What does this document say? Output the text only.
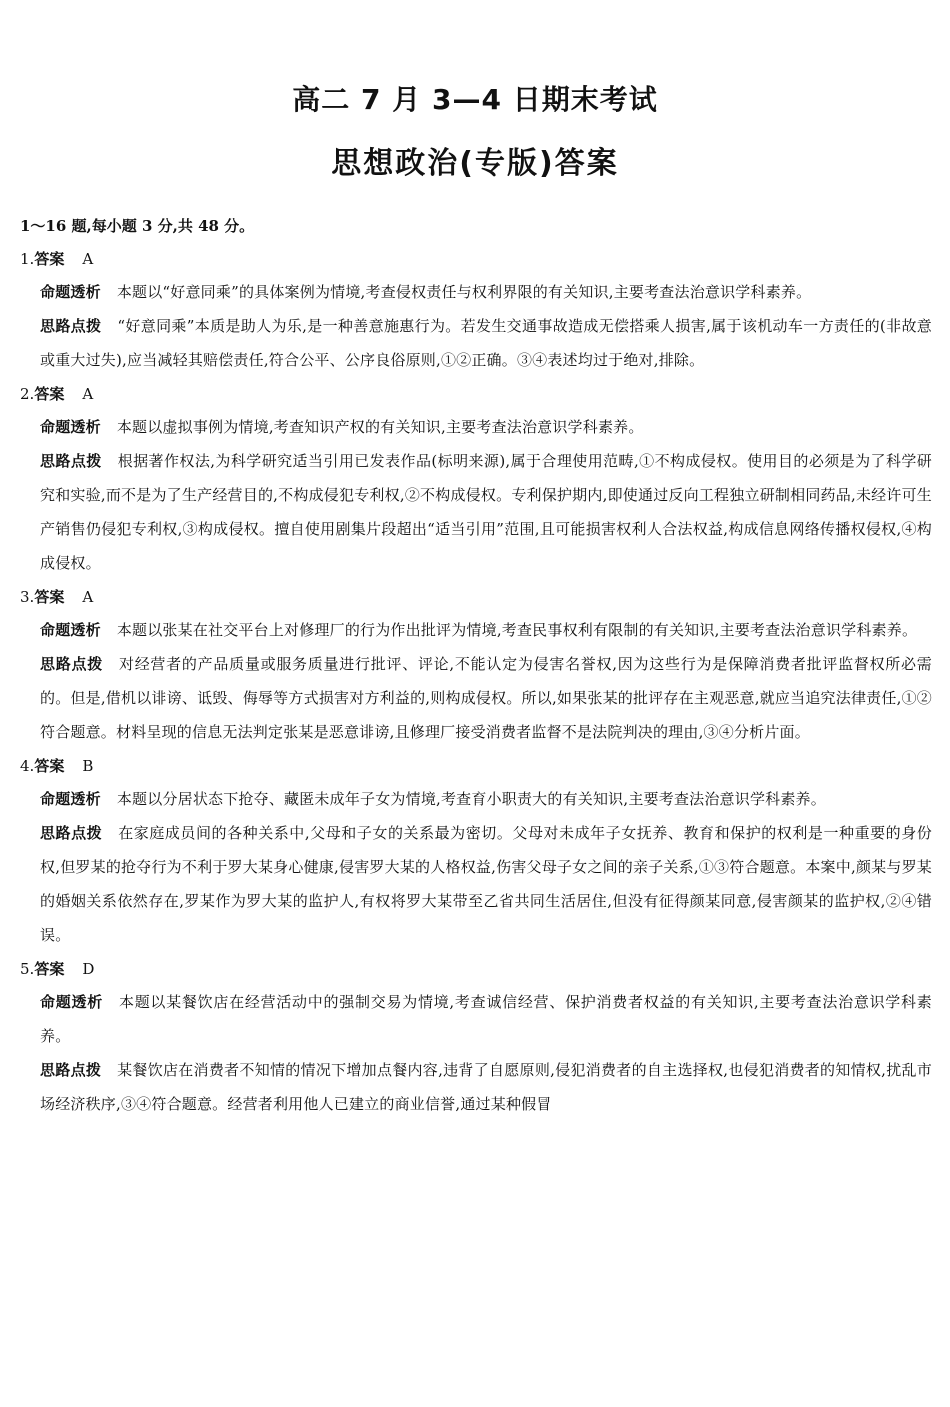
高二 7 月 3—4 日期末考试
思想政治(专版)答案
1～16 题,每小题 3 分,共 48 分。
1.答案 A
命题透析 本题以“好意同乘”的具体案例为情境,考查侵权责任与权利界限的有关知识,主要考查法治意识学科素养。
思路点拨 “好意同乘”本质是助人为乐,是一种善意施惠行为。若发生交通事故造成无偿搭乘人损害,属于该机动车一方责任的(非故意或重大过失),应当减轻其赔偿责任,符合公平、公序良俗原则,①②正确。③④表述均过于绝对,排除。
2.答案 A
命题透析 本题以虚拟事例为情境,考查知识产权的有关知识,主要考查法治意识学科素养。
思路点拨 根据著作权法,为科学研究适当引用已发表作品(标明来源),属于合理使用范畴,①不构成侵权。使用目的必须是为了科学研究和实验,而不是为了生产经营目的,不构成侵犯专利权,②不构成侵权。专利保护期内,即使通过反向工程独立研制相同药品,未经许可生产销售仍侵犯专利权,③构成侵权。擅自使用剧集片段超出“适当引用”范围,且可能损害权利人合法权益,构成信息网络传播权侵权,④构成侵权。
3.答案 A
命题透析 本题以张某在社交平台上对修理厂的行为作出批评为情境,考查民事权利有限制的有关知识,主要考查法治意识学科素养。
思路点拨 对经营者的产品质量或服务质量进行批评、评论,不能认定为侵害名誉权,因为这些行为是保障消费者批评监督权所必需的。但是,借机以诽谤、诋毁、侮辱等方式损害对方利益的,则构成侵权。所以,如果张某的批评存在主观恶意,就应当追究法律责任,①②符合题意。材料呈现的信息无法判定张某是恶意诽谤,且修理厂接受消费者监督不是法院判决的理由,③④分析片面。
4.答案 B
命题透析 本题以分居状态下抢夺、藏匿未成年子女为情境,考查育小职责大的有关知识,主要考查法治意识学科素养。
思路点拨 在家庭成员间的各种关系中,父母和子女的关系最为密切。父母对未成年子女抚养、教育和保护的权利是一种重要的身份权,但罗某的抢夺行为不利于罗大某身心健康,侵害罗大某的人格权益,伤害父母子女之间的亲子关系,①③符合题意。本案中,颜某与罗某的婚姻关系依然存在,罗某作为罗大某的监护人,有权将罗大某带至乙省共同生活居住,但没有征得颜某同意,侵害颜某的监护权,②④错误。
5.答案 D
命题透析 本题以某餐饮店在经营活动中的强制交易为情境,考查诚信经营、保护消费者权益的有关知识,主要考查法治意识学科素养。
思路点拨 某餐饮店在消费者不知情的情况下增加点餐内容,违背了自愿原则,侵犯消费者的自主选择权,也侵犯消费者的知情权,扰乱市场经济秩序,③④符合题意。经营者利用他人已建立的商业信誉,通过某种假冒
